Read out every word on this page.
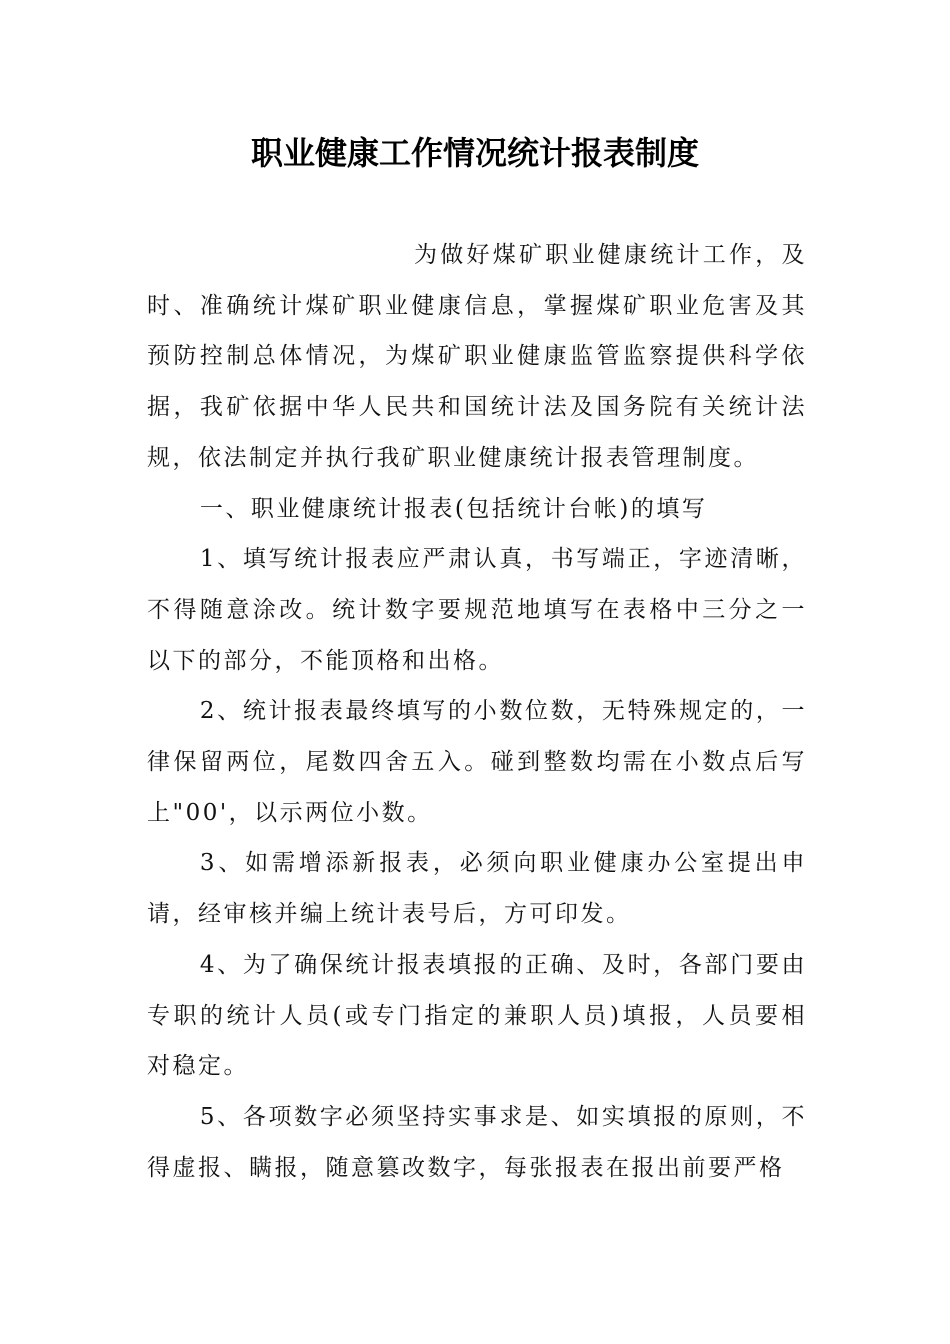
职业健康工作情况统计报表制度

为做好煤矿职业健康统计工作，及时、准确统计煤矿职业健康信息，掌握煤矿职业危害及其预防控制总体情况，为煤矿职业健康监管监察提供科学依据，我矿依据中华人民共和国统计法及国务院有关统计法规，依法制定并执行我矿职业健康统计报表管理制度。

一、职业健康统计报表(包括统计台帐)的填写

1、填写统计报表应严肃认真，书写端正，字迹清晰，不得随意涂改。统计数字要规范地填写在表格中三分之一以下的部分，不能顶格和出格。

2、统计报表最终填写的小数位数，无特殊规定的，一律保留两位，尾数四舍五入。碰到整数均需在小数点后写上"00'，以示两位小数。

3、如需增添新报表，必须向职业健康办公室提出申请，经审核并编上统计表号后，方可印发。

4、为了确保统计报表填报的正确、及时，各部门要由专职的统计人员(或专门指定的兼职人员)填报，人员要相对稳定。

5、各项数字必须坚持实事求是、如实填报的原则，不得虚报、瞒报，随意篡改数字，每张报表在报出前要严格
